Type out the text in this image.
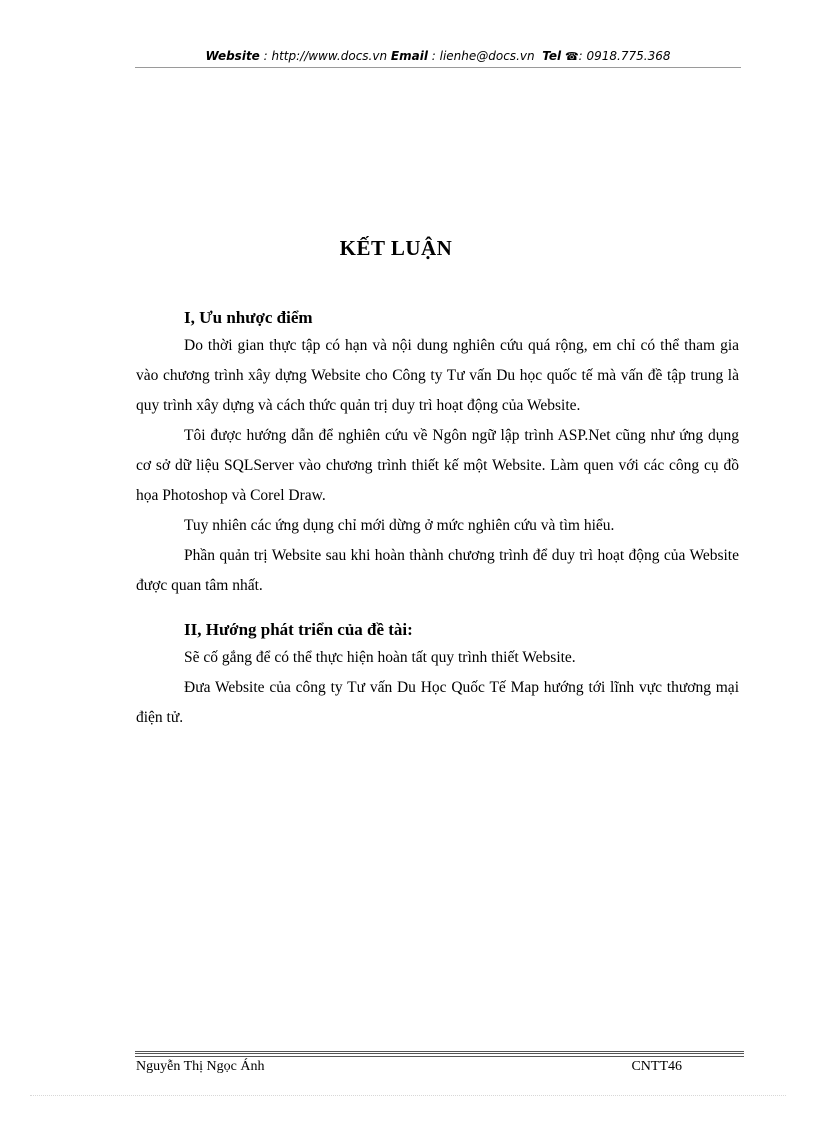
Website : http://www.docs.vn Email : lienhe@docs.vn Tel ☎: 0918.775.368
KẾT LUẬN

I, Ưu nhược điểm

Do thời gian thực tập có hạn và nội dung nghiên cứu quá rộng, em chỉ có thể tham gia vào chương trình xây dựng Website cho Công ty Tư vấn Du học quốc tế mà vấn đề tập trung là quy trình xây dựng và cách thức quản trị duy trì hoạt động của Website.

Tôi được hướng dẫn để nghiên cứu về Ngôn ngữ lập trình ASP.Net cũng như ứng dụng cơ sở dữ liệu SQLServer vào chương trình thiết kế một Website. Làm quen với các công cụ đồ họa Photoshop và Corel Draw.

Tuy nhiên các ứng dụng chỉ mới dừng ở mức nghiên cứu và tìm hiểu.

Phần quản trị Website sau khi hoàn thành chương trình để duy trì hoạt động của Website được quan tâm nhất.

II, Hướng phát triển của đề tài:

Sẽ cố gắng để có thể thực hiện hoàn tất quy trình thiết Website.

Đưa Website của công ty Tư vấn Du Học Quốc Tế Map hướng tới lĩnh vực thương mại điện tử.

Nguyễn Thị Ngọc Ánh	CNTT46
